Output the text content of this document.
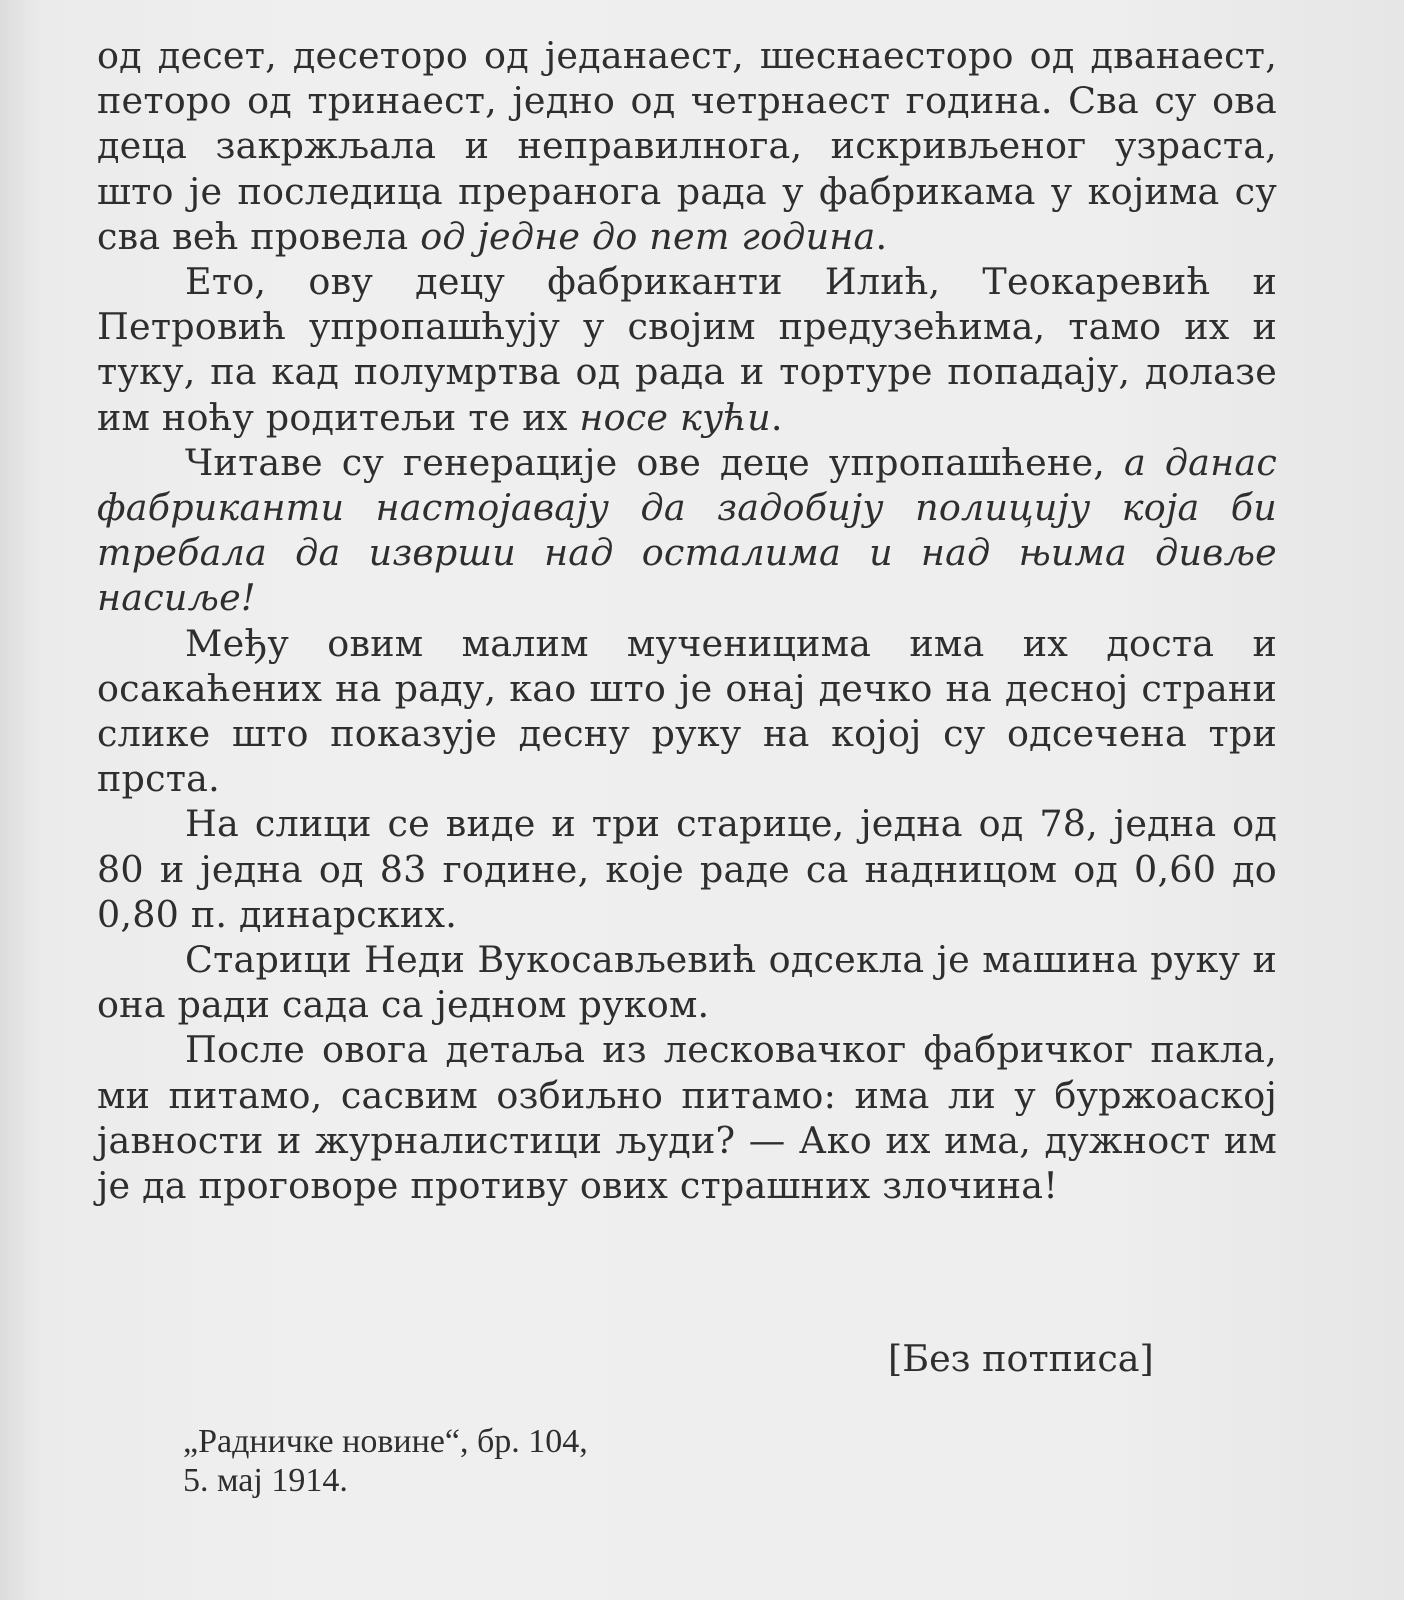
од десет, десеторо од једанаест, шеснаесторо од дванаест, петоро од тринаест, једно од четрнаест година. Сва су ова деца закржљала и неправилнога, искривљеног узраста, што је последица преранога рада у фабрикама у којима су сва већ провела од једне до пет година.

Ето, ову децу фабриканти Илић, Теокаревић и Петровић упропашћују у својим предузећима, тамо их и туку, па кад полумртва од рада и тортуре попадају, долазе им ноћу родитељи те их носе кући.

Читаве су генерације ове деце упропашћене, а данас фабриканти настојавају да задобију полицију која би требала да изврши над осталима и над њима дивље насиље!

Међу овим малим мученицима има их доста и осакаћених на раду, као што је онај дечко на десној страни слике што показује десну руку на којој су одсечена три прста.

На слици се виде и три старице, једна од 78, једна од 80 и једна од 83 године, које раде са надницом од 0,60 до 0,80 п. динарских.

Старици Неди Вукосављевић одсекла је машина руку и она ради сада са једном руком.

После овога детаља из лесковачког фабричког пакла, ми питамо, сасвим озбиљно питамо: има ли у буржоаској јавности и журналистици људи? — Ако их има, дужност им је да проговоре противу ових страшних злочина!

[Без потписа]
„Радничке новине“, бр. 104,
5. мај 1914.
